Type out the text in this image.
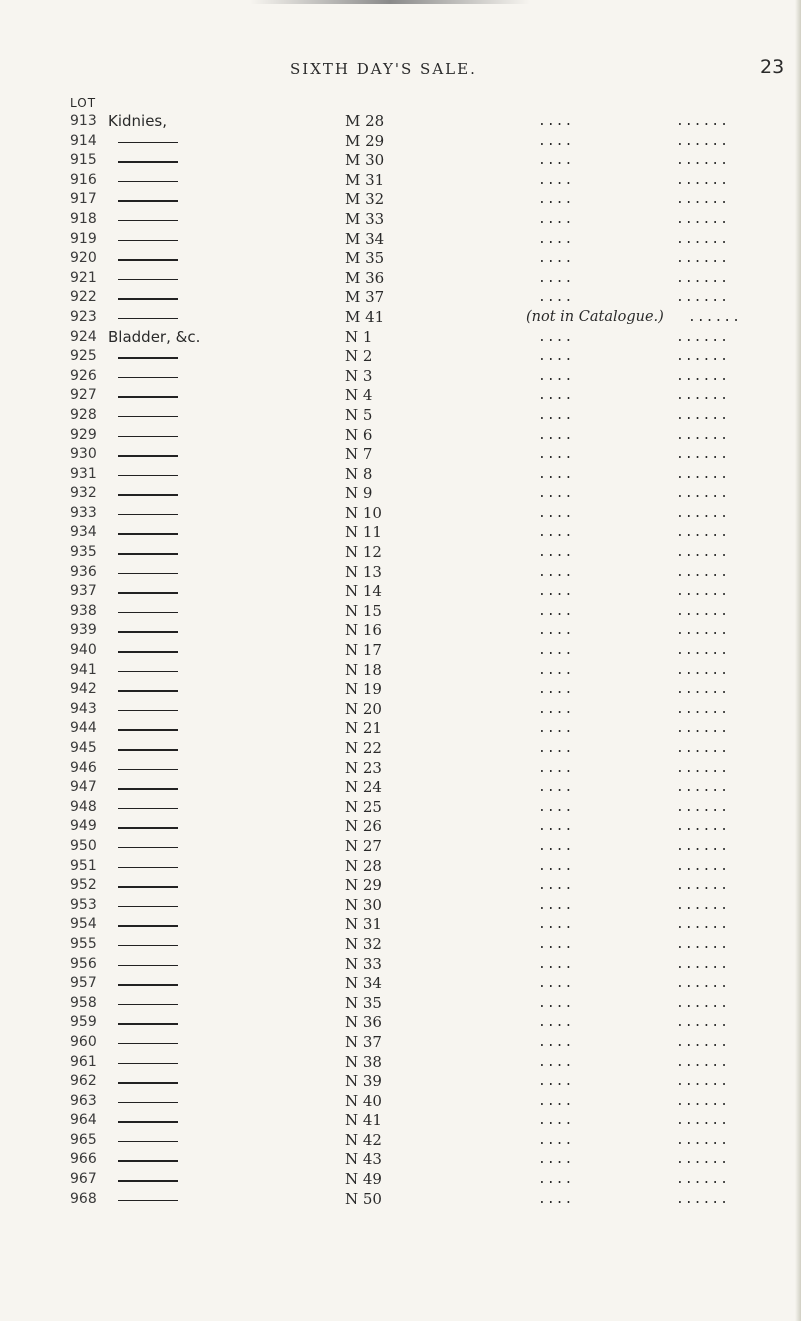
SIXTH DAY'S SALE.	23
LOT
913 Kidnies,	M 28	....	......
914	M 29	....	......
915	M 30	....	......
916	M 31	....	......
917	M 32	....	......
918	M 33	....	......
919	M 34	....	......
920	M 35	....	......
921	M 36	....	......
922	M 37	....	......
923	M 41	(not in Catalogue.) ......
924 Bladder, &c.	N 1	....	......
925	N 2	....	......
926	N 3	....	......
927	N 4	....	......
928	N 5	....	......
929	N 6	....	......
930	N 7	....	......
931	N 8	....	......
932	N 9	....	......
933	N 10	....	......
934	N 11	....	......
935	N 12	....	......
936	N 13	....	......
937	N 14	....	......
938	N 15	....	......
939	N 16	....	......
940	N 17	....	......
941	N 18	....	......
942	N 19	....	......
943	N 20	....	......
944	N 21	....	......
945	N 22	....	......
946	N 23	....	......
947	N 24	....	......
948	N 25	....	......
949	N 26	....	......
950	N 27	....	......
951	N 28	....	......
952	N 29	....	......
953	N 30	....	......
954	N 31	....	......
955	N 32	....	......
956	N 33	....	......
957	N 34	....	......
958	N 35	....	......
959	N 36	....	......
960	N 37	....	......
961	N 38	....	......
962	N 39	....	......
963	N 40	....	......
964	N 41	....	......
965	N 42	....	......
966	N 43	....	......
967	N 49	....	......
968	N 50	....	......
